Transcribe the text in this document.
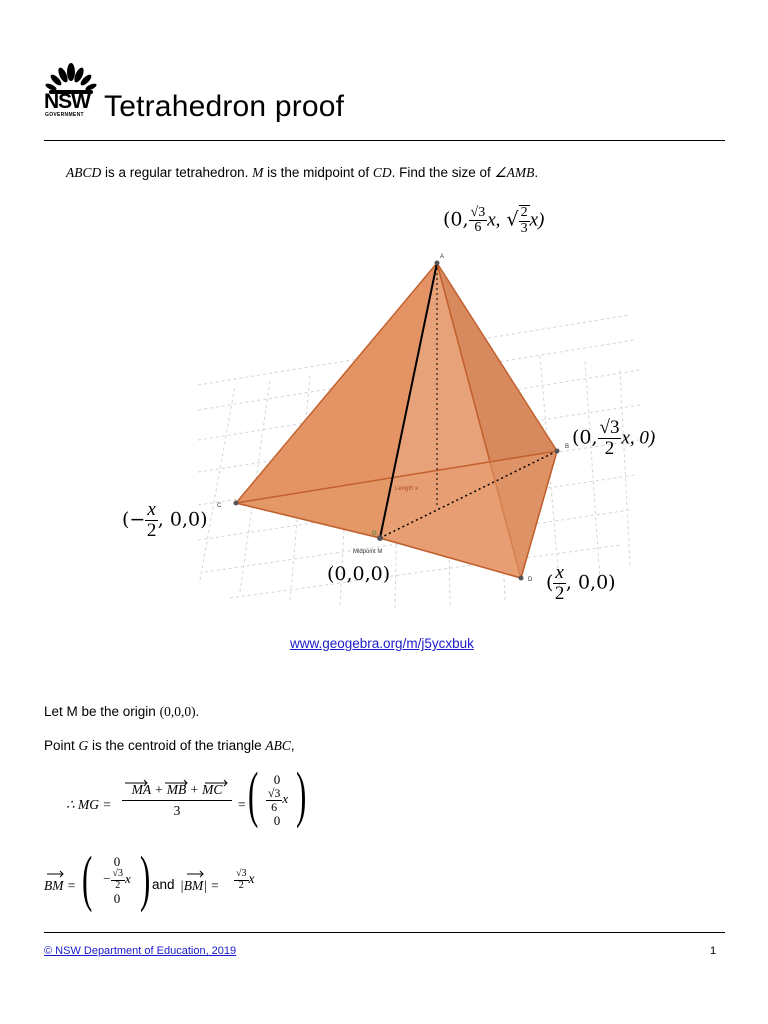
NSW
GOVERNMENT Tetrahedron proof
ABCD is a regular tetrahedron. M is the midpoint of CD. Find the size of ∠AMB.
A
B
C
D
G
Midpoint M
Length x
(0, $\frac{√3}{6} x$, √ $\frac{2}{3} x$)
(0, $\frac{√3}{2} x$, 0)
(− $\frac{x}{2}$ , 0,0)
(0,0,0)	( $\frac{x}{2}$ , 0,0)
www.geogebra.org/m/j5ycxbuk
Let M be the origin (0,0,0).
Point G is the centroid of the triangle ABC,
∴ MG =
MA + MB + MC
3	= (	0
$\frac{√3}{6}$ x
0 )
BM = (	0
− $\frac{√3}{2}$ x
0 ) and $|BM| = \frac{√3}{2}$ x
© NSW Department of Education, 2019	1
